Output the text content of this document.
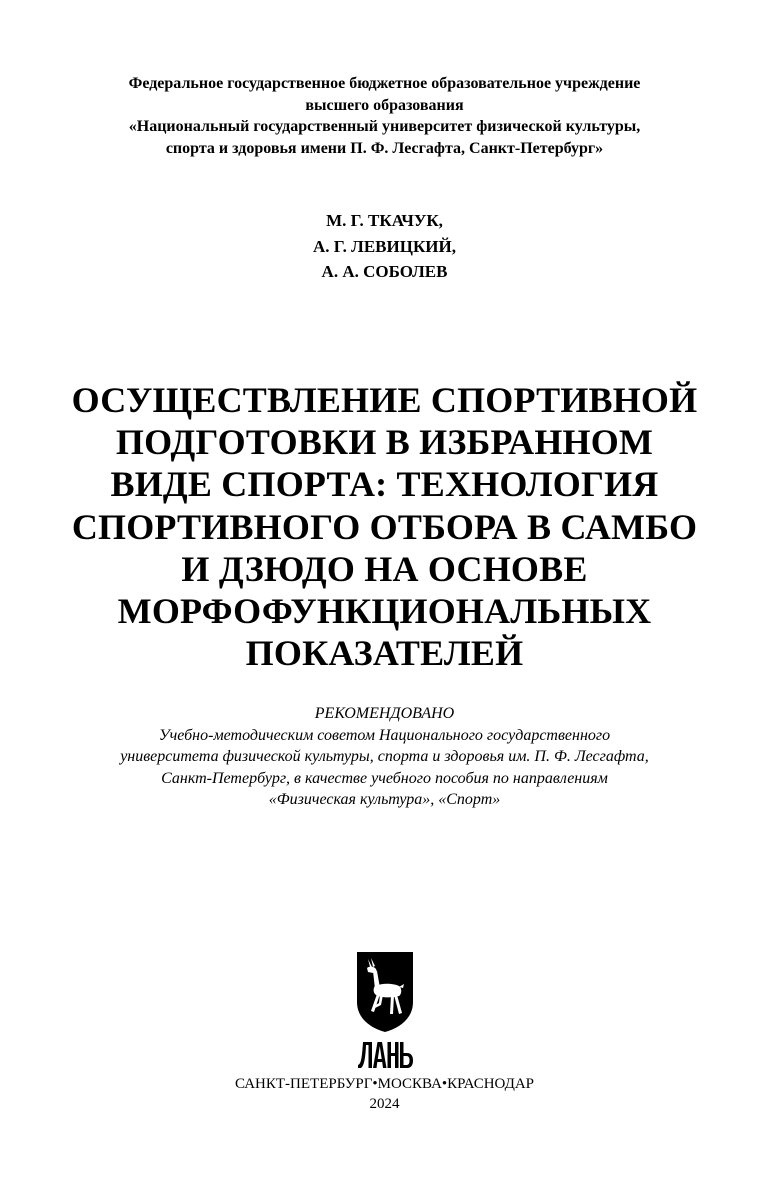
Федеральное государственное бюджетное образовательное учреждение
высшего образования
«Национальный государственный университет физической культуры,
спорта и здоровья имени П. Ф. Лесгафта, Санкт-Петербург»
М. Г. ТКАЧУК,
А. Г. ЛЕВИЦКИЙ,
А. А. СОБОЛЕВ
ОСУЩЕСТВЛЕНИЕ СПОРТИВНОЙ
ПОДГОТОВКИ В ИЗБРАННОМ
ВИДЕ СПОРТА: ТЕХНОЛОГИЯ
СПОРТИВНОГО ОТБОРА В САМБО
И ДЗЮДО НА ОСНОВЕ
МОРФОФУНКЦИОНАЛЬНЫХ
ПОКАЗАТЕЛЕЙ
РЕКОМЕНДОВАНО
Учебно-методическим советом Национального государственного
университета физической культуры, спорта и здоровья им. П. Ф. Лесгафта,
Санкт-Петербург, в качестве учебного пособия по направлениям
«Физическая культура», «Спорт»
САНКТ-ПЕТЕРБУРГ•МОСКВА•КРАСНОДАР
2024
